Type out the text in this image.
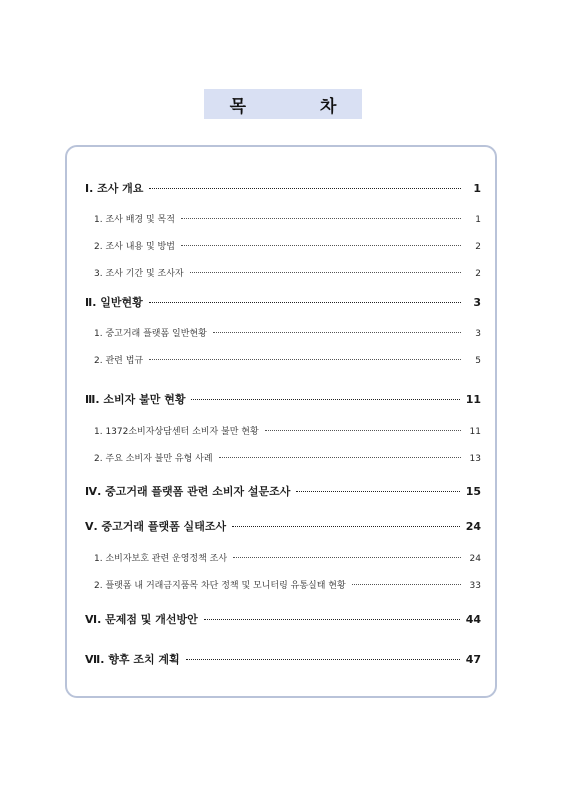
목 차
Ⅰ. 조사 개요	1
1. 조사 배경 및 목적	1
2. 조사 내용 및 방법	2
3. 조사 기간 및 조사자	2
Ⅱ. 일반현황	3
1. 중고거래 플랫폼 일반현황	3
2. 관련 법규	5
Ⅲ. 소비자 불만 현황	11
1. 1372소비자상담센터 소비자 불만 현황	11
2. 주요 소비자 불만 유형 사례	13
Ⅳ. 중고거래 플랫폼 관련 소비자 설문조사	15
Ⅴ. 중고거래 플랫폼 실태조사	24
1. 소비자보호 관련 운영정책 조사	24
2. 플랫폼 내 거래금지품목 차단 정책 및 모니터링 유통실태 현황	33
Ⅵ. 문제점 및 개선방안	44
Ⅶ. 향후 조치 계획	47
